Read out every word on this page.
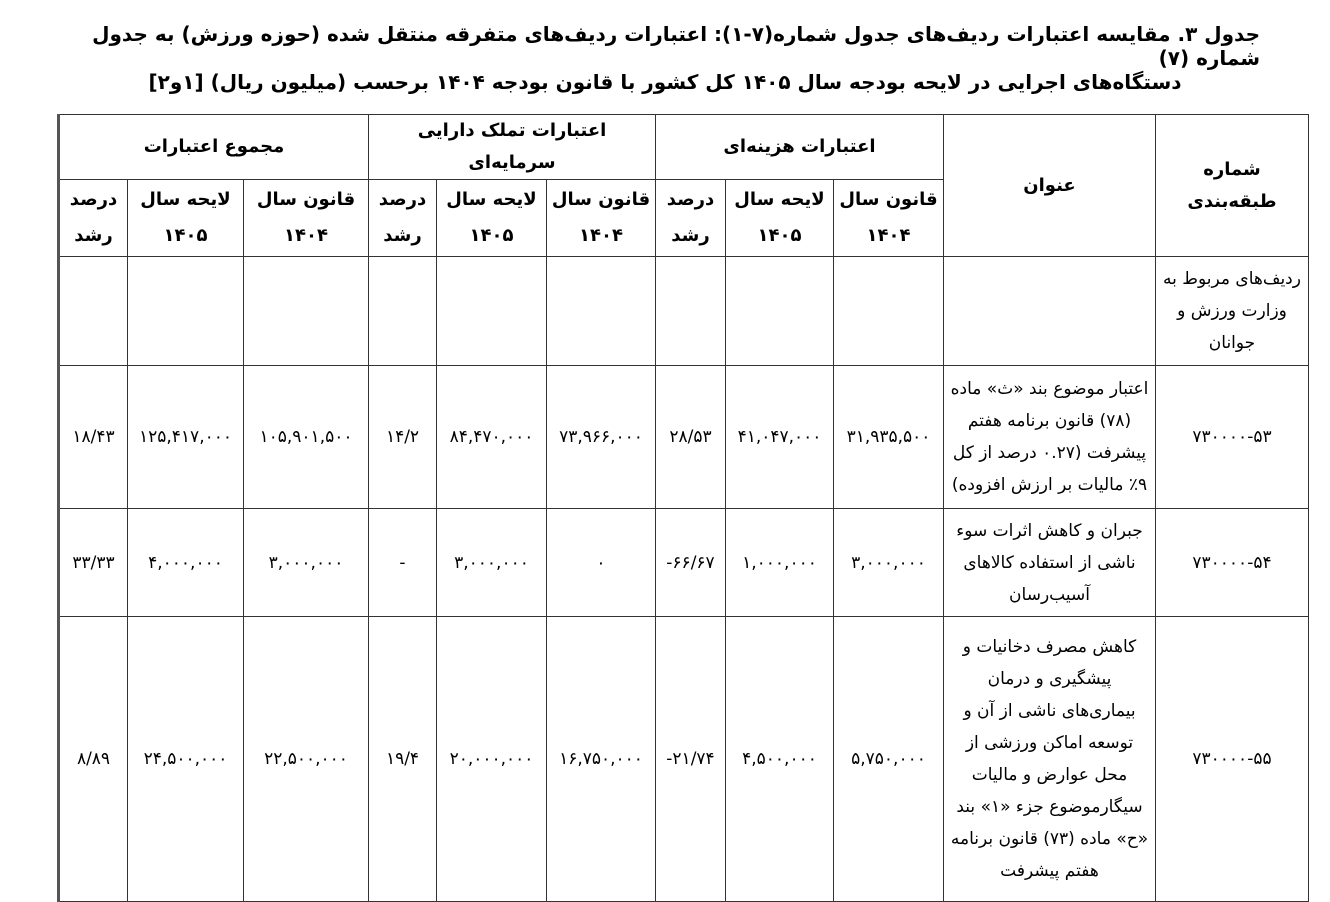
جدول ۳. مقایسه اعتبارات ردیف‌های جدول شماره(۷-۱): اعتبارات ردیف‌های متفرقه منتقل شده (حوزه ورزش) به جدول شماره (۷)
دستگاه‌های اجرایی در لایحه بودجه سال ۱۴۰۵ کل کشور با قانون بودجه ۱۴۰۴ برحسب (میلیون ریال) [۱و۲]
شماره طبقه‌بندی	عنوان	اعتبارات هزینه‌ای			اعتبارات تملک دارایی سرمایه‌ای			مجموع اعتبارات		
		قانون سال ۱۴۰۴	لایحه سال ۱۴۰۵	درصد رشد	قانون سال ۱۴۰۴	لایحه سال ۱۴۰۵	درصد رشد	قانون سال ۱۴۰۴	لایحه سال ۱۴۰۵	درصد رشد
ردیف‌های مربوط به وزارت ورزش و جوانان										
۷۳۰۰۰۰-۵۳	اعتبار موضوع بند «ث» ماده (۷۸) قانون برنامه هفتم پیشرفت (۰.۲۷ درصد از کل ۹٪ مالیات بر ارزش افزوده)	۳۱,۹۳۵,۵۰۰	۴۱,۰۴۷,۰۰۰	۲۸/۵۳	۷۳,۹۶۶,۰۰۰	۸۴,۴۷۰,۰۰۰	۱۴/۲	۱۰۵,۹۰۱,۵۰۰	۱۲۵,۴۱۷,۰۰۰	۱۸/۴۳
۷۳۰۰۰۰-۵۴	جبران و کاهش اثرات سوء ناشی از استفاده کالاهای آسیب‌رسان	۳,۰۰۰,۰۰۰	۱,۰۰۰,۰۰۰	-۶۶/۶۷	۰	۳,۰۰۰,۰۰۰	-	۳,۰۰۰,۰۰۰	۴,۰۰۰,۰۰۰	۳۳/۳۳
۷۳۰۰۰۰-۵۵	کاهش مصرف دخانیات و پیشگیری و درمان بیماری‌های ناشی از آن و توسعه اماکن ورزشی از محل عوارض و مالیات سیگارموضوع جزء «۱» بند «ح» ماده (۷۳) قانون برنامه هفتم پیشرفت	۵,۷۵۰,۰۰۰	۴,۵۰۰,۰۰۰	-۲۱/۷۴	۱۶,۷۵۰,۰۰۰	۲۰,۰۰۰,۰۰۰	۱۹/۴	۲۲,۵۰۰,۰۰۰	۲۴,۵۰۰,۰۰۰	۸/۸۹
